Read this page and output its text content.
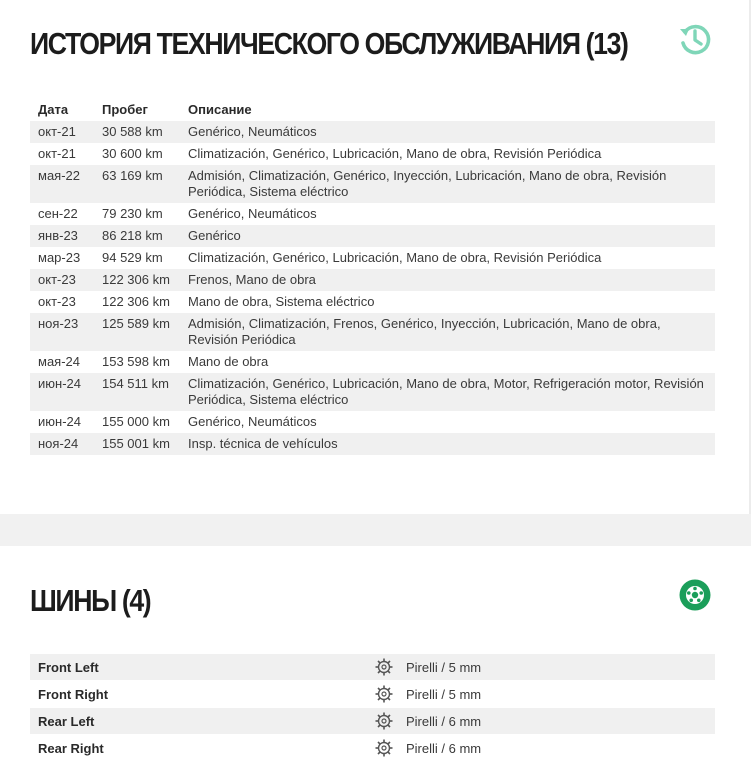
ИСТОРИЯ ТЕХНИЧЕСКОГО ОБСЛУЖИВАНИЯ (13)
Дата	Пробег	Описание
окт-21	30 588 km	Genérico, Neumáticos
окт-21	30 600 km	Climatización, Genérico, Lubricación, Mano de obra, Revisión Periódica
мая-22	63 169 km	Admisión, Climatización, Genérico, Inyección, Lubricación, Mano de obra, Revisión Periódica, Sistema eléctrico
сен-22	79 230 km	Genérico, Neumáticos
янв-23	86 218 km	Genérico
мар-23	94 529 km	Climatización, Genérico, Lubricación, Mano de obra, Revisión Periódica
окт-23	122 306 km	Frenos, Mano de obra
окт-23	122 306 km	Mano de obra, Sistema eléctrico
ноя-23	125 589 km	Admisión, Climatización, Frenos, Genérico, Inyección, Lubricación, Mano de obra, Revisión Periódica
мая-24	153 598 km	Mano de obra
июн-24	154 511 km	Climatización, Genérico, Lubricación, Mano de obra, Motor, Refrigeración motor, Revisión Periódica, Sistema eléctrico
июн-24	155 000 km	Genérico, Neumáticos
ноя-24	155 001 km	Insp. técnica de vehículos
ШИНЫ (4)
Front Left	Pirelli / 5 mm
Front Right	Pirelli / 5 mm
Rear Left	Pirelli / 6 mm
Rear Right	Pirelli / 6 mm
